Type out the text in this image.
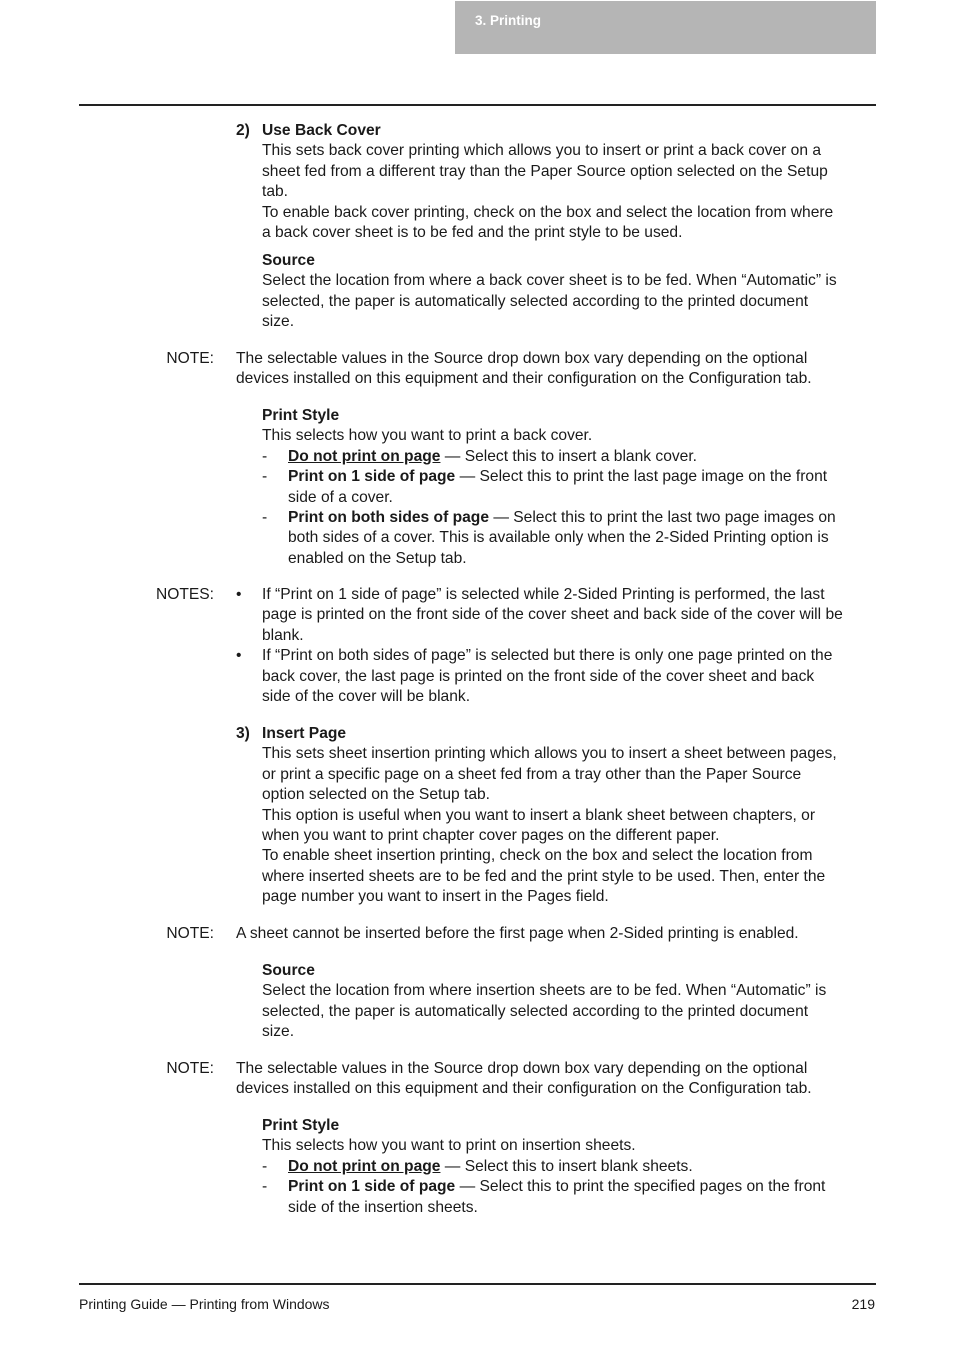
3. Printing
2) Use Back Cover

This sets back cover printing which allows you to insert or print a back cover on a

sheet fed from a different tray than the Paper Source option selected on the Setup

tab.

To enable back cover printing, check on the box and select the location from where

a back cover sheet is to be fed and the print style to be used.

Source

Select the location from where a back cover sheet is to be fed. When “Automatic” is

selected, the paper is automatically selected according to the printed document

size.

NOTE: The selectable values in the Source drop down box vary depending on the optional

devices installed on this equipment and their configuration on the Configuration tab.

Print Style

This selects how you want to print a back cover.

- Do not print on page — Select this to insert a blank cover.

- Print on 1 side of page — Select this to print the last page image on the front

side of a cover.

- Print on both sides of page — Select this to print the last two page images on

both sides of a cover. This is available only when the 2-Sided Printing option is

enabled on the Setup tab.

NOTES: • If “Print on 1 side of page” is selected while 2-Sided Printing is performed, the last

page is printed on the front side of the cover sheet and back side of the cover will be

blank.

• If “Print on both sides of page” is selected but there is only one page printed on the

back cover, the last page is printed on the front side of the cover sheet and back

side of the cover will be blank.

3) Insert Page

This sets sheet insertion printing which allows you to insert a sheet between pages,

or print a specific page on a sheet fed from a tray other than the Paper Source

option selected on the Setup tab.

This option is useful when you want to insert a blank sheet between chapters, or

when you want to print chapter cover pages on the different paper.

To enable sheet insertion printing, check on the box and select the location from

where inserted sheets are to be fed and the print style to be used. Then, enter the

page number you want to insert in the Pages field.

NOTE: A sheet cannot be inserted before the first page when 2-Sided printing is enabled.

Source

Select the location from where insertion sheets are to be fed. When “Automatic” is

selected, the paper is automatically selected according to the printed document

size.

NOTE: The selectable values in the Source drop down box vary depending on the optional

devices installed on this equipment and their configuration on the Configuration tab.

Print Style

This selects how you want to print on insertion sheets.

- Do not print on page — Select this to insert blank sheets.

- Print on 1 side of page — Select this to print the specified pages on the front

side of the insertion sheets.

Printing Guide — Printing from Windows	219
